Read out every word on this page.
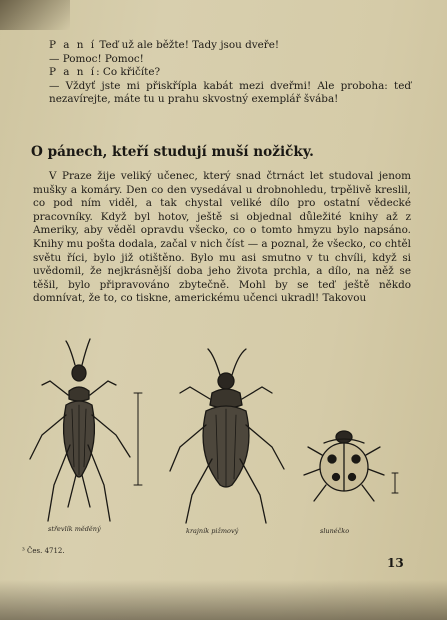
P a n í Teď už ale běžte! Tady jsou dveře!

— Pomoc! Pomoc!

P a n í: Co křičíte?

— Vždyť jste mi přiskřípla kabát mezi dveřmi! Ale proboha: teď nezavírejte, máte tu u prahu skvostný exemplář švába!

O pánech, kteří studují muší nožičky.

V Praze žije veliký učenec, který snad čtrnáct let studoval jenom mušky a komáry. Den co den vysedával u drobnohledu, trpělivě kreslil, co pod ním viděl, a tak chystal veliké dílo pro ostatní vědecké pracovníky. Když byl hotov, ještě si objednal důležité knihy až z Ameriky, aby věděl opravdu všecko, co o tomto hmyzu bylo napsáno. Knihy mu pošta dodala, začal v nich číst — a poznal, že všecko, co chtěl světu říci, bylo již otištěno. Bylo mu asi smutno v tu chvíli, když si uvědomil, že nejkrásnější doba jeho života prchla, a dílo, na něž se těšil, bylo připravováno zbytečně. Mohl by se teď ještě někdo domnívat, že to, co tiskne, americkému učenci ukradl! Takovou

střevlík měděný	krajník pižmový	slunéčko
³ Čes. 4712.
13
